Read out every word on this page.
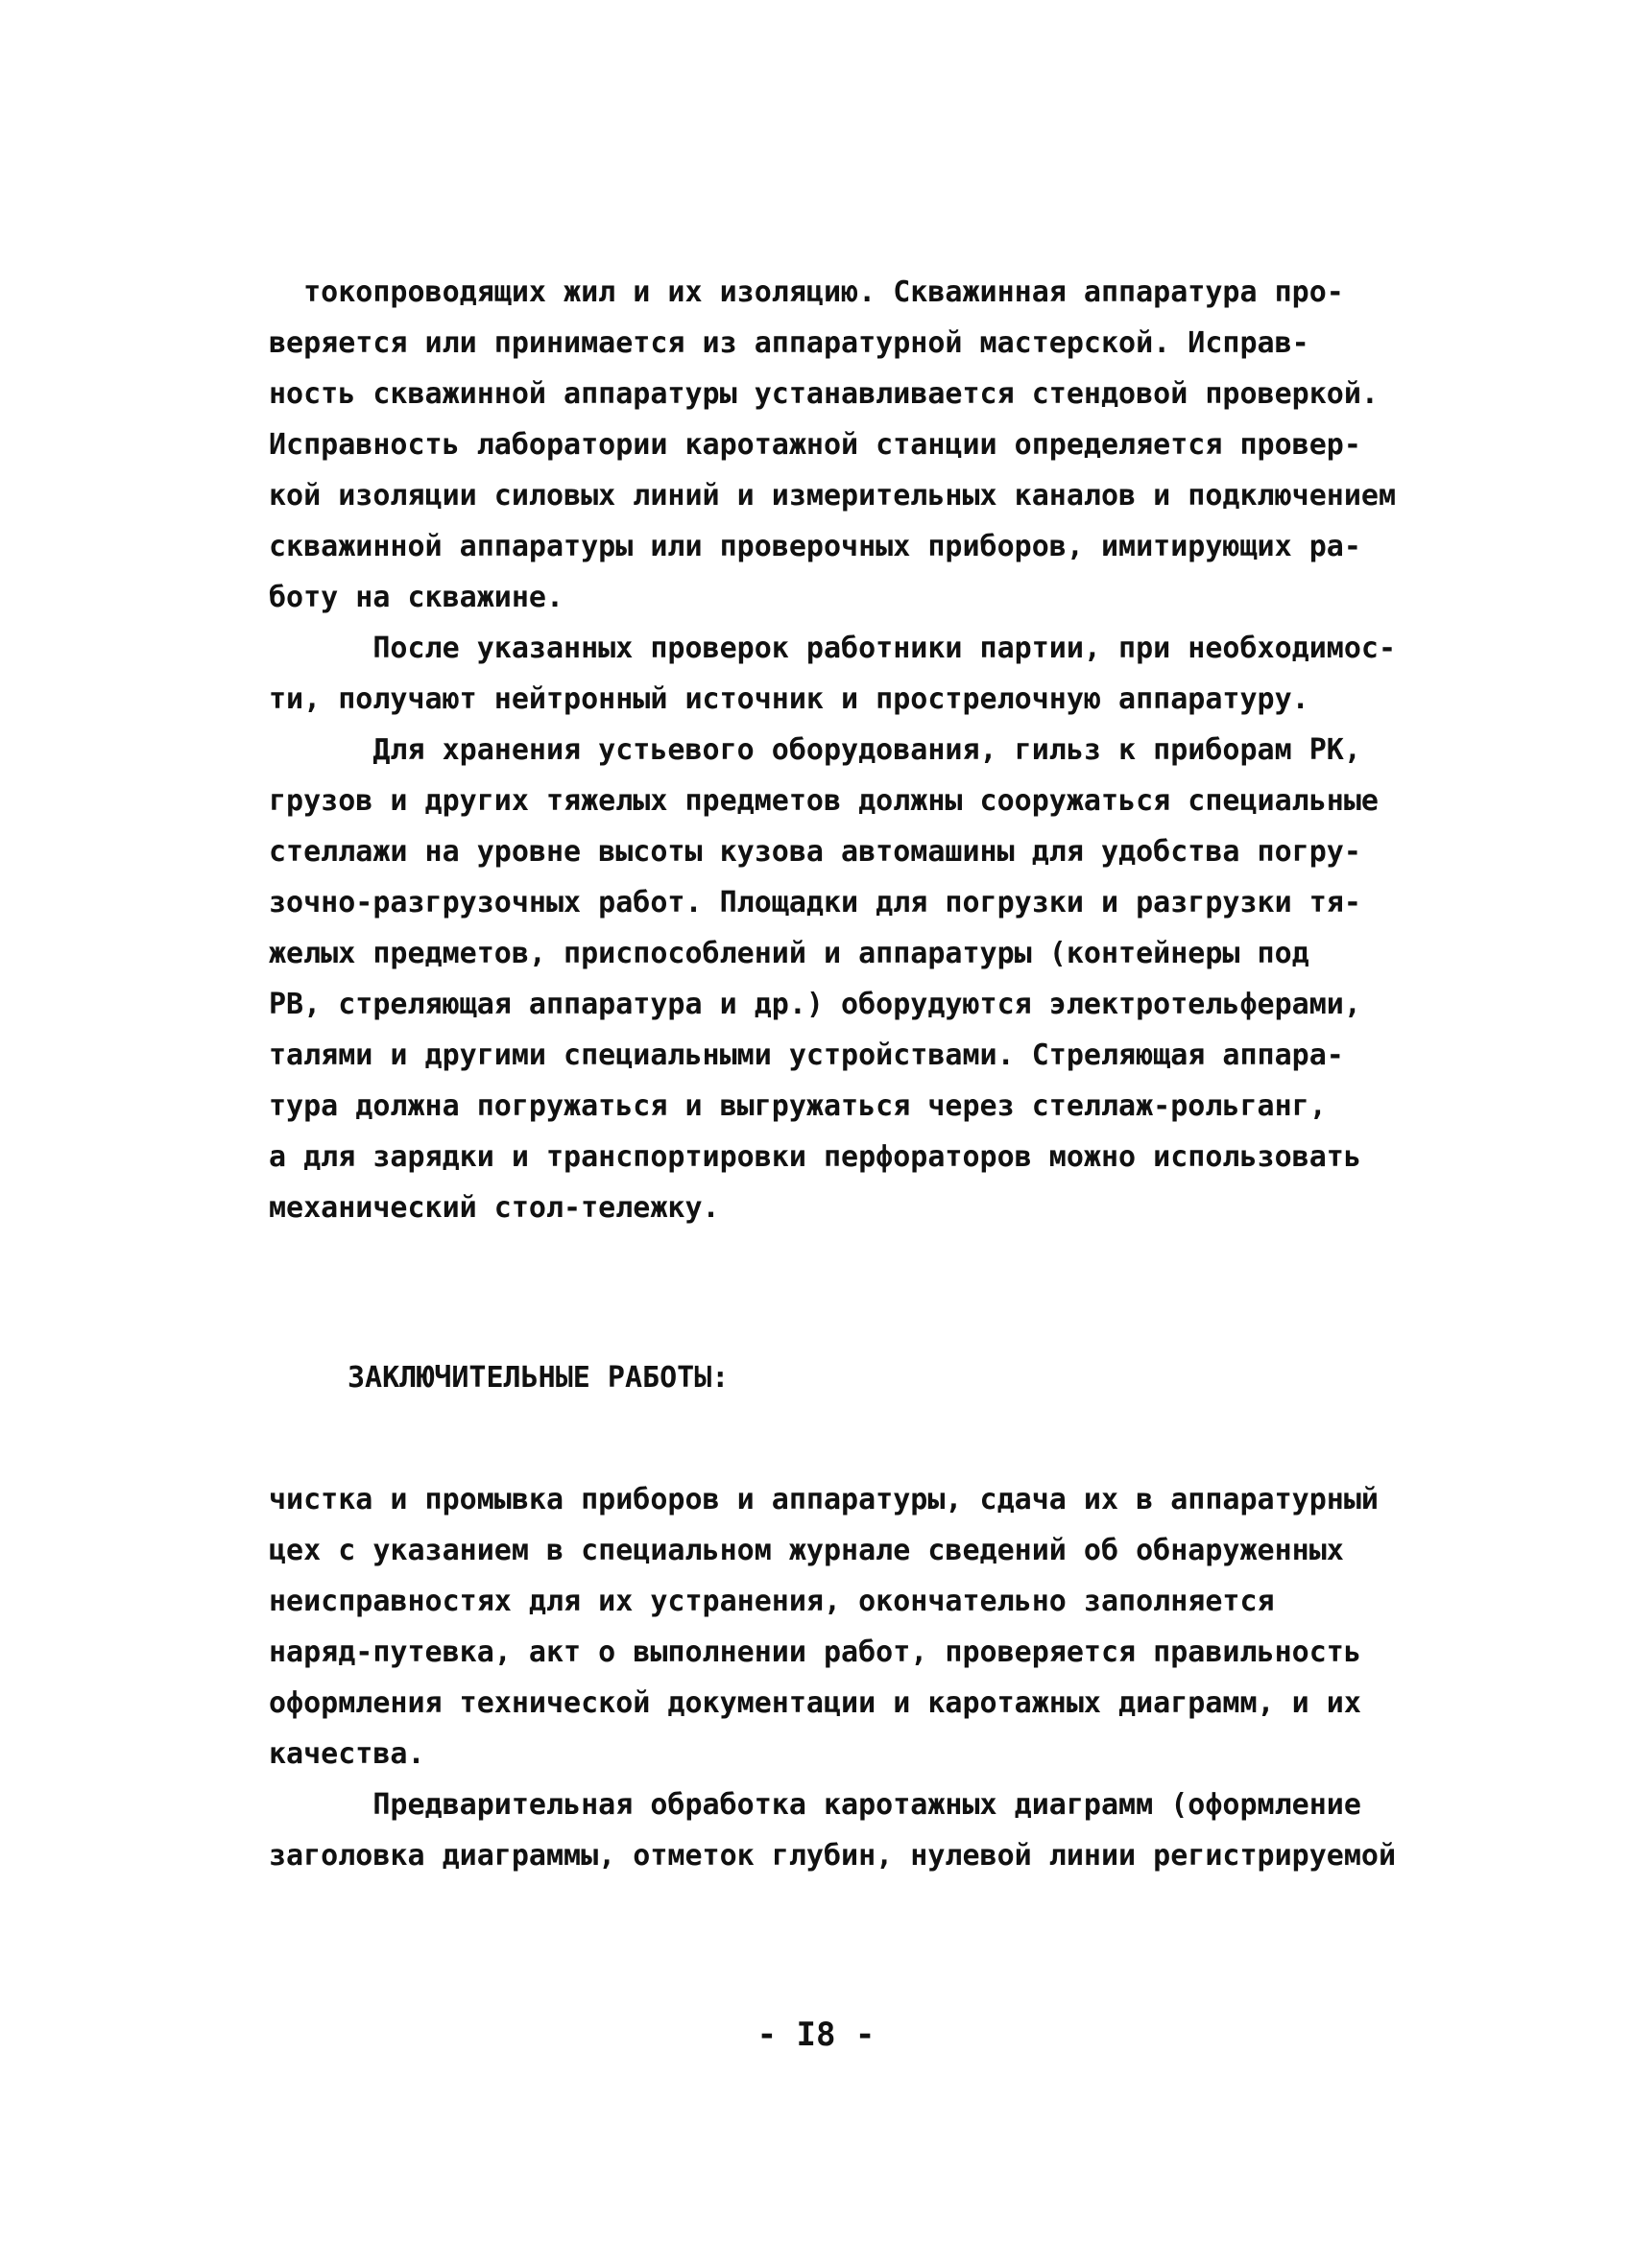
токопроводящих жил и их изоляцию. Скважинная аппаратура про-
веряется или принимается из аппаратурной мастерской. Исправ-
ность скважинной аппаратуры устанавливается стендовой проверкой.
Исправность лаборатории каротажной станции определяется провер-
кой изоляции силовых линий и измерительных каналов и подключением
скважинной аппаратуры или проверочных приборов, имитирующих ра-
боту на скважине.
После указанных проверок работники партии, при необходимос-
ти, получают нейтронный источник и прострелочную аппаратуру.
Для хранения устьевого оборудования, гильз к приборам РК,
грузов и других тяжелых предметов должны сооружаться специальные
стеллажи на уровне высоты кузова автомашины для удобства погру-
зочно-разгрузочных работ. Площадки для погрузки и разгрузки тя-
желых предметов, приспособлений и аппаратуры (контейнеры под
РВ, стреляющая аппаратура и др.) оборудуются электротельферами,
талями и другими специальными устройствами. Стреляющая аппара-
тура должна погружаться и выгружаться через стеллаж-рольганг,
а для зарядки и транспортировки перфораторов можно использовать
механический стол-тележку.
ЗАКЛЮЧИТЕЛЬНЫЕ РАБОТЫ:
чистка и промывка приборов и аппаратуры, сдача их в аппаратурный
цех с указанием в специальном журнале сведений об обнаруженных
неисправностях для их устранения, окончательно заполняется
наряд-путевка, акт о выполнении работ, проверяется правильность
оформления технической документации и каротажных диаграмм, и их
качества.
Предварительная обработка каротажных диаграмм (оформление
заголовка диаграммы, отметок глубин, нулевой линии регистрируемой
- I8 -
